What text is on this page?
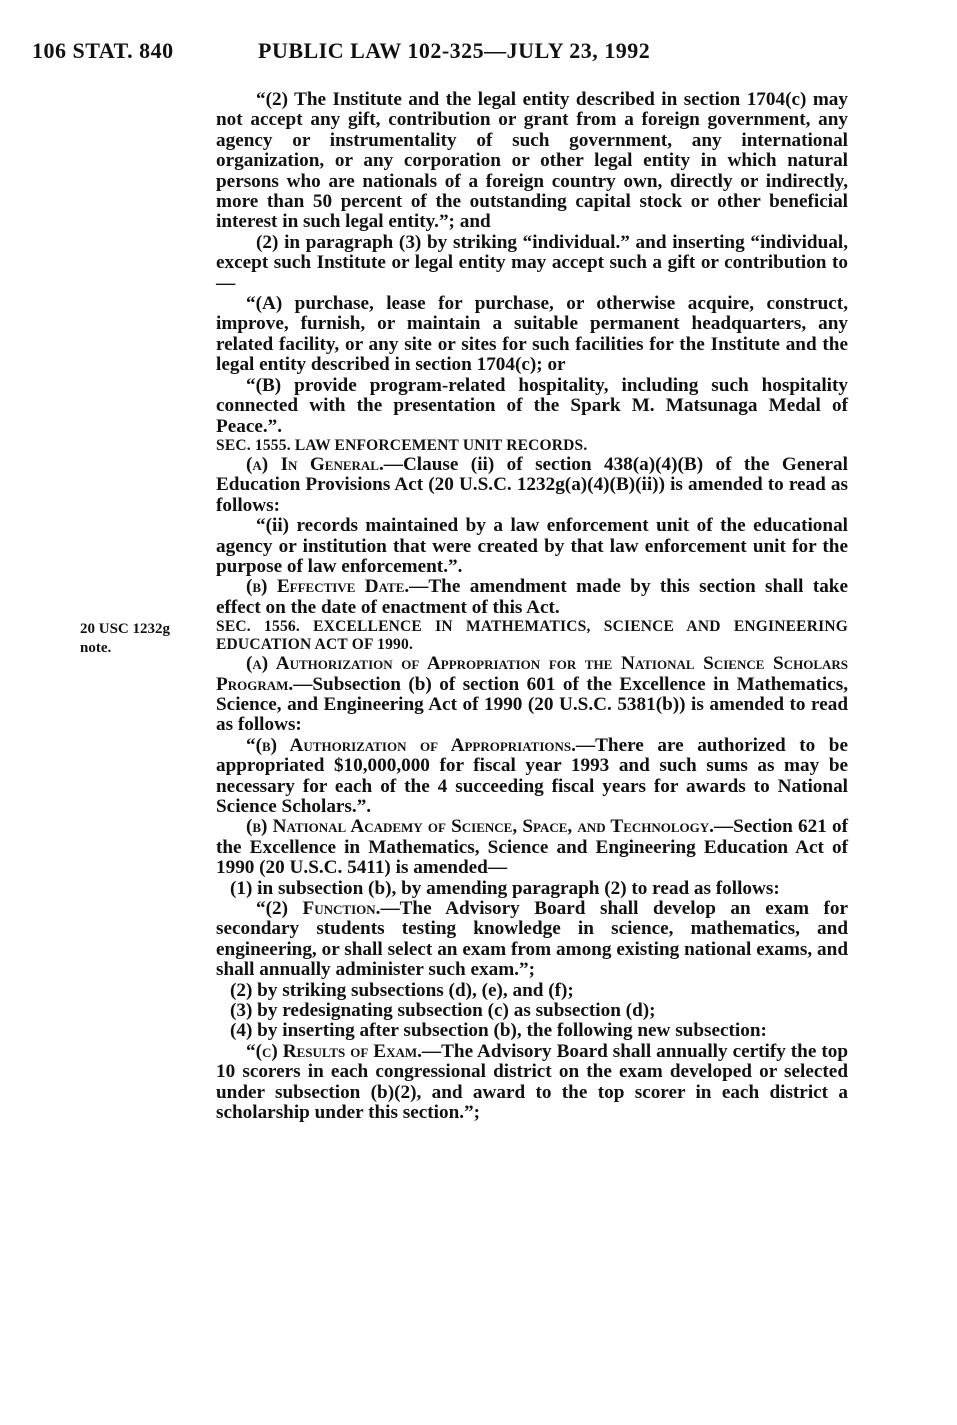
106 STAT. 840	PUBLIC LAW 102-325—JULY 23, 1992
20 USC 1232g
note.

“(2) The Institute and the legal entity described in section 1704(c) may not accept any gift, contribution or grant from a foreign government, any agency or instrumentality of such government, any international organization, or any corporation or other legal entity in which natural persons who are nationals of a foreign country own, directly or indirectly, more than 50 percent of the outstanding capital stock or other beneficial interest in such legal entity.”; and

(2) in paragraph (3) by striking “individual.” and inserting “individual, except such Institute or legal entity may accept such a gift or contribution to—

“(A) purchase, lease for purchase, or otherwise acquire, construct, improve, furnish, or maintain a suitable permanent headquarters, any related facility, or any site or sites for such facilities for the Institute and the legal entity described in section 1704(c); or

“(B) provide program-related hospitality, including such hospitality connected with the presentation of the Spark M. Matsunaga Medal of Peace.”.

SEC. 1555. LAW ENFORCEMENT UNIT RECORDS.

(a) In General.—Clause (ii) of section 438(a)(4)(B) of the General Education Provisions Act (20 U.S.C. 1232g(a)(4)(B)(ii)) is amended to read as follows:

“(ii) records maintained by a law enforcement unit of the educational agency or institution that were created by that law enforcement unit for the purpose of law enforcement.”.

(b) Effective Date.—The amendment made by this section shall take effect on the date of enactment of this Act.

SEC. 1556. EXCELLENCE IN MATHEMATICS, SCIENCE AND ENGINEERING EDUCATION ACT OF 1990.

(a) Authorization of Appropriation for the National Science Scholars Program.—Subsection (b) of section 601 of the Excellence in Mathematics, Science, and Engineering Act of 1990 (20 U.S.C. 5381(b)) is amended to read as follows:

“(b) Authorization of Appropriations.—There are authorized to be appropriated $10,000,000 for fiscal year 1993 and such sums as may be necessary for each of the 4 succeeding fiscal years for awards to National Science Scholars.”.

(b) National Academy of Science, Space, and Technology.—Section 621 of the Excellence in Mathematics, Science and Engineering Education Act of 1990 (20 U.S.C. 5411) is amended—

(1) in subsection (b), by amending paragraph (2) to read as follows:

“(2) Function.—The Advisory Board shall develop an exam for secondary students testing knowledge in science, mathematics, and engineering, or shall select an exam from among existing national exams, and shall annually administer such exam.”;

(2) by striking subsections (d), (e), and (f);

(3) by redesignating subsection (c) as subsection (d);

(4) by inserting after subsection (b), the following new subsection:

“(c) Results of Exam.—The Advisory Board shall annually certify the top 10 scorers in each congressional district on the exam developed or selected under subsection (b)(2), and award to the top scorer in each district a scholarship under this section.”;
